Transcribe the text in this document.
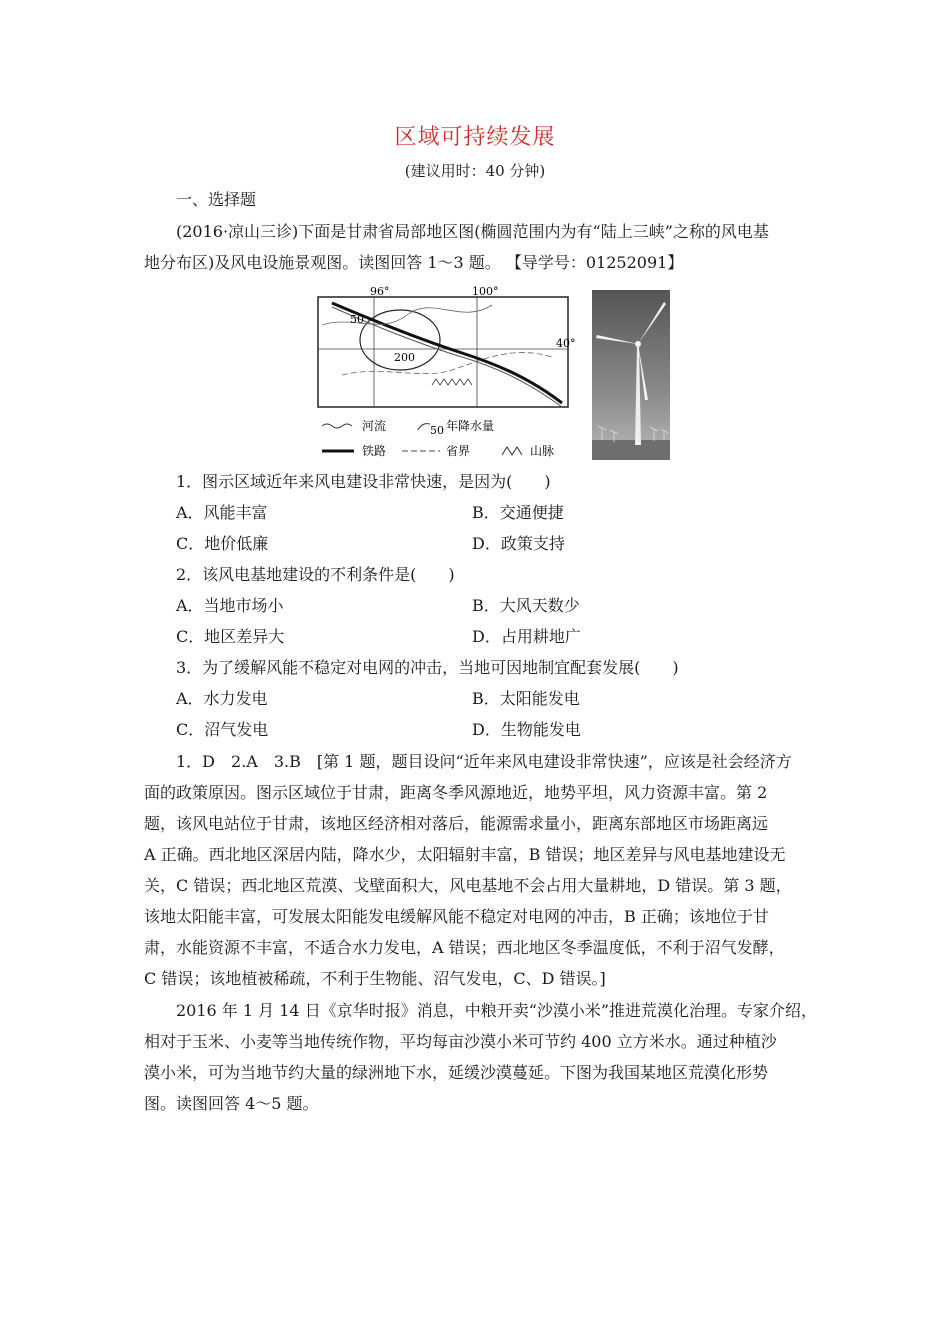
区域可持续发展
(建议用时：40 分钟)
一、选择题
(2016·凉山三诊)下面是甘肃省局部地区图(椭圆范围内为有“陆上三峡”之称的风电基
地分布区)及风电设施景观图。读图回答 1～3 题。 【导学号：01252091】
96°	100°
40°
50
200
河流	50 年降水量
铁路	省界	山脉
1．图示区域近年来风电建设非常快速，是因为(　　)
A．风能丰富	B．交通便捷
C．地价低廉	D．政策支持
2．该风电基地建设的不利条件是(　　)
A．当地市场小	B．大风天数少
C．地区差异大	D．占用耕地广
3．为了缓解风能不稳定对电网的冲击，当地可因地制宜配套发展(　　)
A．水力发电	B．太阳能发电
C．沼气发电	D．生物能发电
1．D　2.A　3.B　[第 1 题，题目设问“近年来风电建设非常快速”，应该是社会经济方
面的政策原因。图示区域位于甘肃，距离冬季风源地近，地势平坦，风力资源丰富。第 2
题，该风电站位于甘肃，该地区经济相对落后，能源需求量小，距离东部地区市场距离远
A 正确。西北地区深居内陆，降水少，太阳辐射丰富，B 错误；地区差异与风电基地建设无
关，C 错误；西北地区荒漠、戈壁面积大，风电基地不会占用大量耕地，D 错误。第 3 题，
该地太阳能丰富，可发展太阳能发电缓解风能不稳定对电网的冲击，B 正确；该地位于甘
肃，水能资源不丰富，不适合水力发电，A 错误；西北地区冬季温度低，不利于沼气发酵，
C 错误；该地植被稀疏，不利于生物能、沼气发电，C、D 错误。]
2016 年 1 月 14 日《京华时报》消息，中粮开卖“沙漠小米”推进荒漠化治理。专家介绍，
相对于玉米、小麦等当地传统作物，平均每亩沙漠小米可节约 400 立方米水。通过种植沙
漠小米，可为当地节约大量的绿洲地下水，延缓沙漠蔓延。下图为我国某地区荒漠化形势
图。读图回答 4～5 题。
